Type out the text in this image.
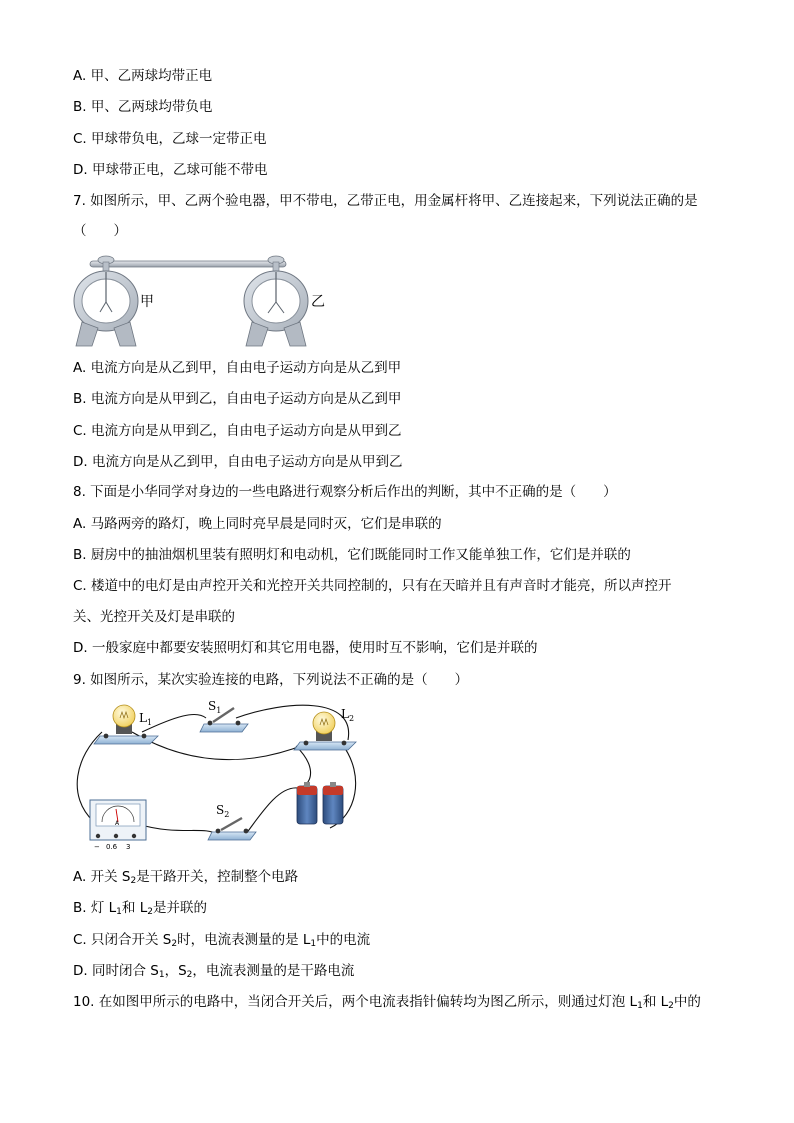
A. 甲、乙两球均带正电
B. 甲、乙两球均带负电
C. 甲球带负电，乙球一定带正电
D. 甲球带正电，乙球可能不带电
7. 如图所示，甲、乙两个验电器，甲不带电，乙带正电，用金属杆将甲、乙连接起来，下列说法正确的是
（　　）
甲	乙
A. 电流方向是从乙到甲，自由电子运动方向是从乙到甲
B. 电流方向是从甲到乙，自由电子运动方向是从乙到甲
C. 电流方向是从甲到乙，自由电子运动方向是从甲到乙
D. 电流方向是从乙到甲，自由电子运动方向是从甲到乙
8. 下面是小华同学对身边的一些电路进行观察分析后作出的判断，其中不正确的是（　　）
A. 马路两旁的路灯，晚上同时亮早晨是同时灭，它们是串联的
B. 厨房中的抽油烟机里装有照明灯和电动机，它们既能同时工作又能单独工作，它们是并联的
C. 楼道中的电灯是由声控开关和光控开关共同控制的，只有在天暗并且有声音时才能亮，所以声控开
关、光控开关及灯是串联的
D. 一般家庭中都要安装照明灯和其它用电器，使用时互不影响，它们是并联的
9. 如图所示，某次实验连接的电路，下列说法不正确的是（　　）
$L_1$
$S_1$	$L_2$
A
− 0.6 3
$S_2$
A. 开关 $S_2$是干路开关，控制整个电路
B. 灯 $L_1$和 $L_2$是并联的
C. 只闭合开关 $S_2$时，电流表测量的是 $L_1$中的电流
D. 同时闭合 $S_1$，$S_2$，电流表测量的是干路电流
10. 在如图甲所示的电路中，当闭合开关后，两个电流表指针偏转均为图乙所示，则通过灯泡 $L_1$和 $L_2$中的
